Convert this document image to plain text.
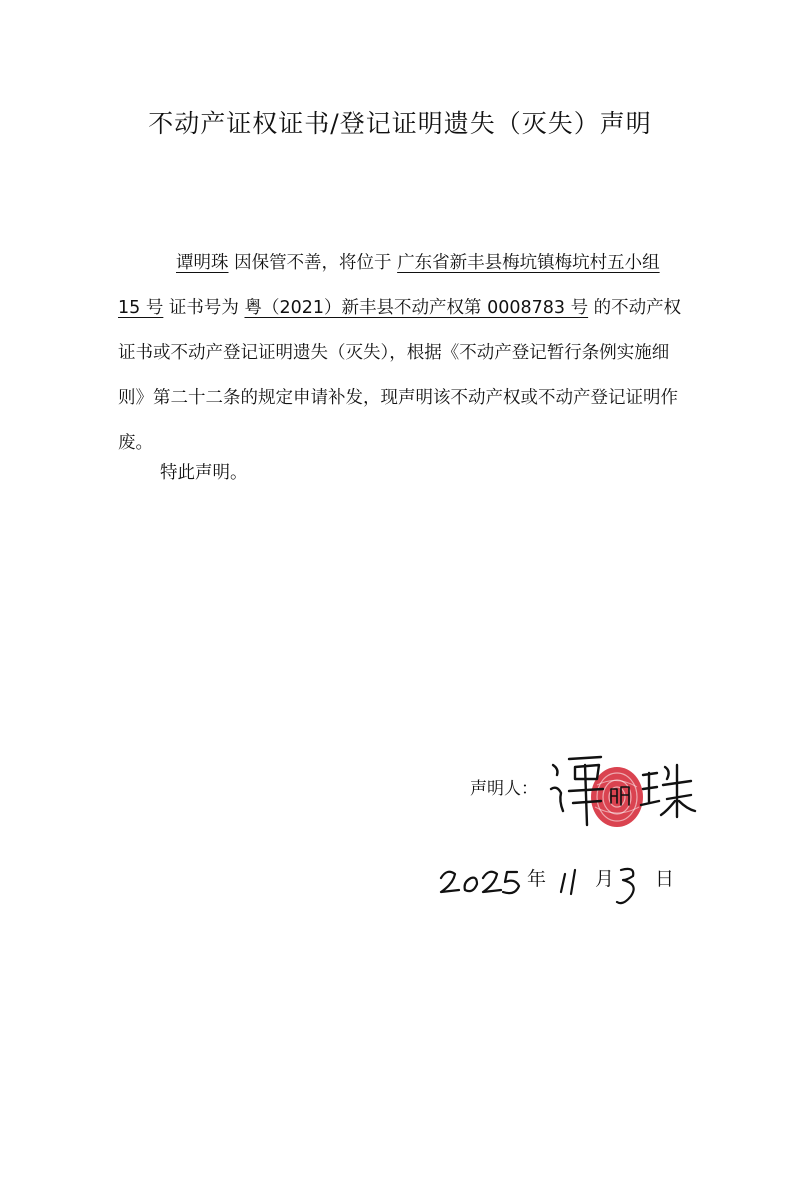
不动产证权证书/登记证明遗失（灭失）声明

谭明珠 因保管不善，将位于 广东省新丰县梅坑镇梅坑村五小组 15 号 证书号为 粤（2021）新丰县不动产权第 0008783 号 的不动产权证书或不动产登记证明遗失（灭失），根据《不动产登记暂行条例实施细则》第二十二条的规定申请补发，现声明该不动产权或不动产登记证明作废。

特此声明。
声明人：
年	月 日
